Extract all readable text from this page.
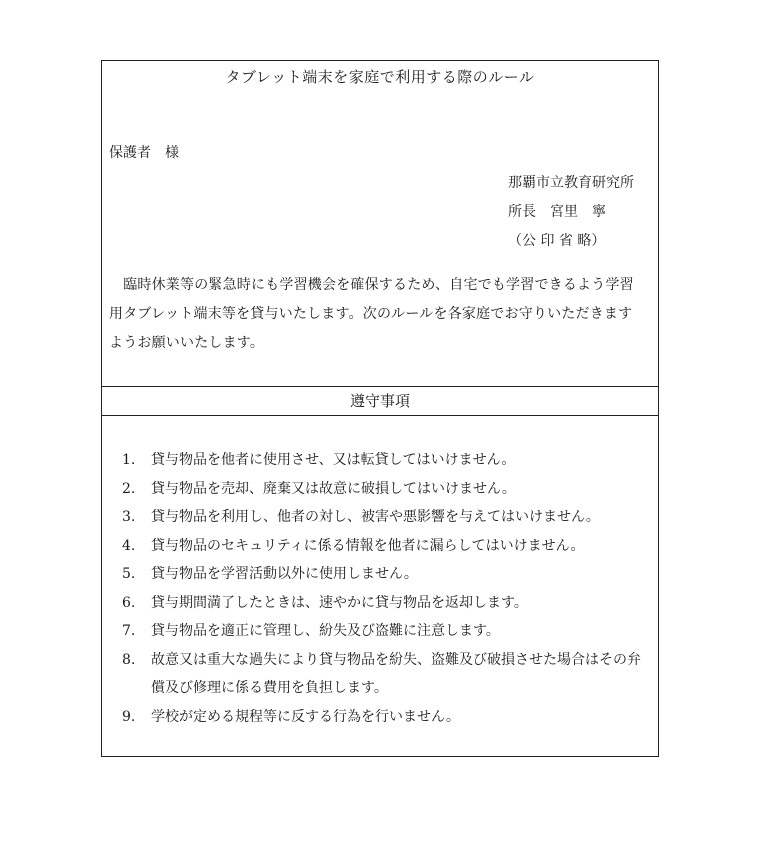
タブレット端末を家庭で利用する際のルール
保護者　様
那覇市立教育研究所
所長　宮里　寧
（公 印 省 略）
　臨時休業等の緊急時にも学習機会を確保するため、自宅でも学習できるよう学習
用タブレット端末等を貸与いたします。次のルールを各家庭でお守りいただきます
ようお願いいたします。
遵守事項
1. 貸与物品を他者に使用させ、又は転貸してはいけません。
2. 貸与物品を売却、廃棄又は故意に破損してはいけません。
3. 貸与物品を利用し、他者の対し、被害や悪影響を与えてはいけません。
4. 貸与物品のセキュリティに係る情報を他者に漏らしてはいけません。
5. 貸与物品を学習活動以外に使用しません。
6. 貸与期間満了したときは、速やかに貸与物品を返却します。
7. 貸与物品を適正に管理し、紛失及び盗難に注意します。
8. 故意又は重大な過失により貸与物品を紛失、盗難及び破損させた場合はその弁
償及び修理に係る費用を負担します。
9. 学校が定める規程等に反する行為を行いません。
